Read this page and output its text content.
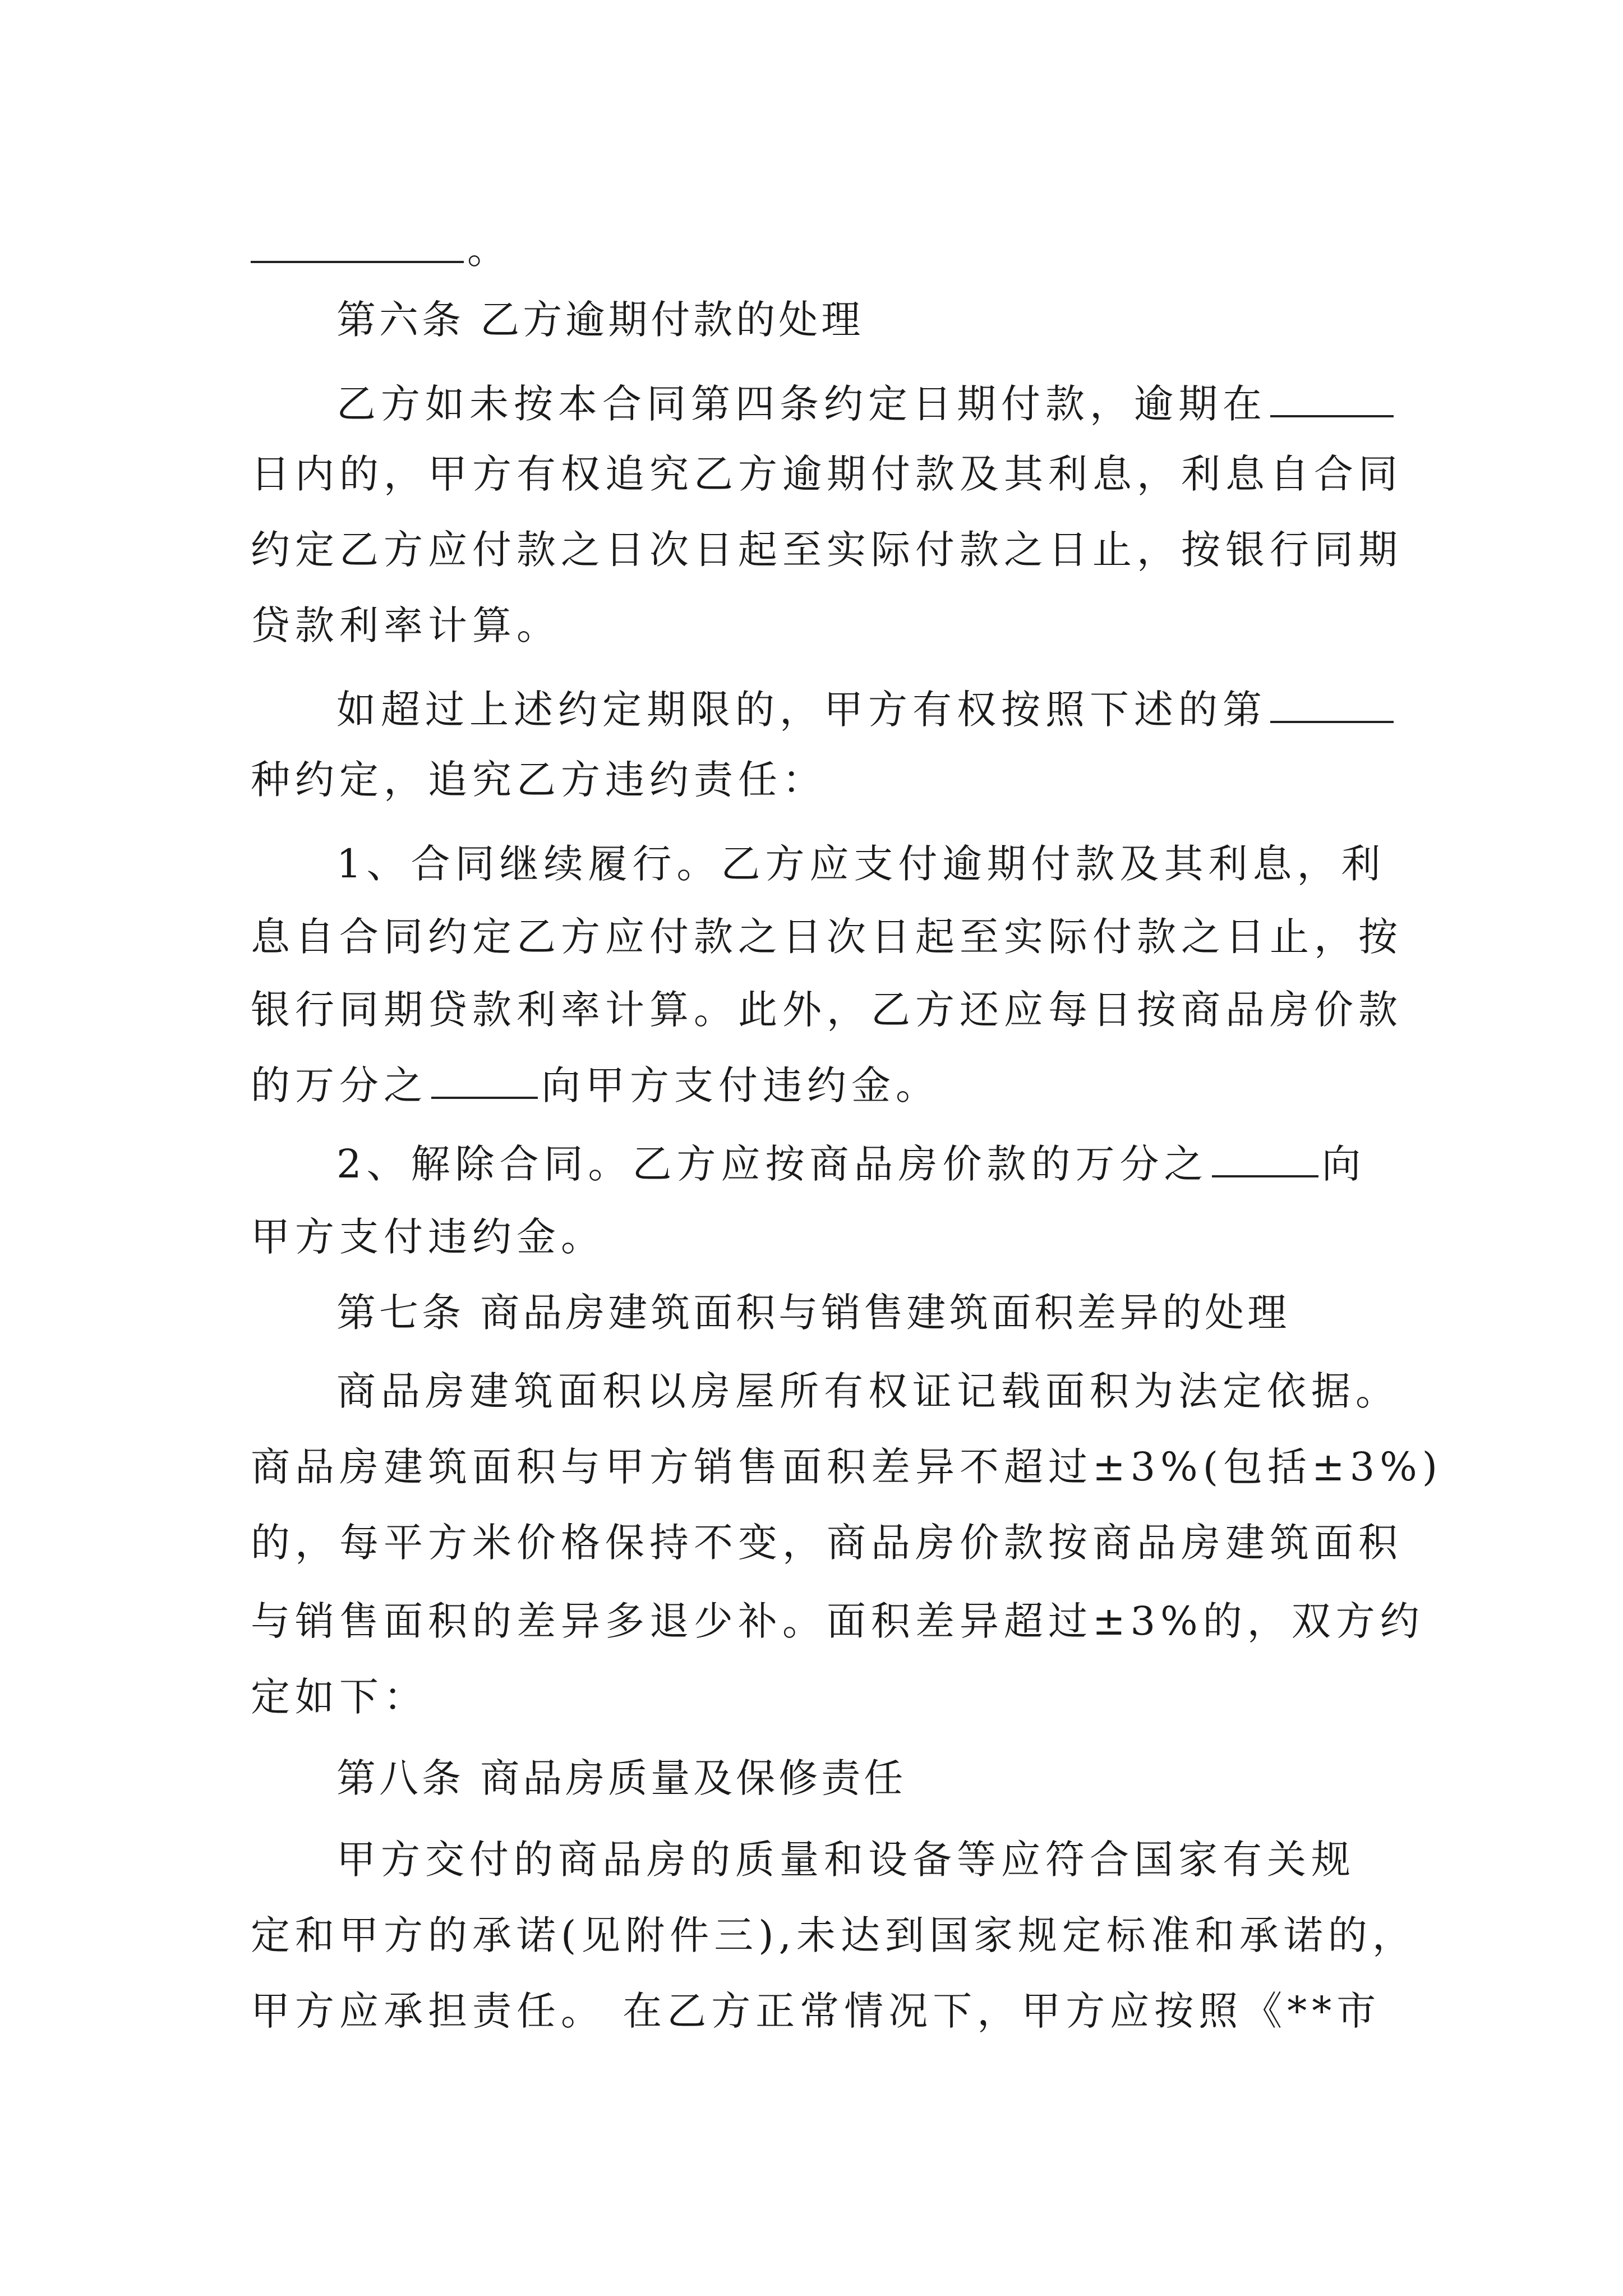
。
第六条 乙方逾期付款的处理
乙方如未按本合同第四条约定日期付款，逾期在
日内的，甲方有权追究乙方逾期付款及其利息，利息自合同
约定乙方应付款之日次日起至实际付款之日止，按银行同期
贷款利率计算。
如超过上述约定期限的，甲方有权按照下述的第
种约定，追究乙方违约责任：
1、合同继续履行。乙方应支付逾期付款及其利息，利
息自合同约定乙方应付款之日次日起至实际付款之日止，按
银行同期贷款利率计算。此外，乙方还应每日按商品房价款
的万分之	向甲方支付违约金。
2、解除合同。乙方应按商品房价款的万分之	向
甲方支付违约金。
第七条 商品房建筑面积与销售建筑面积差异的处理
商品房建筑面积以房屋所有权证记载面积为法定依据。
商品房建筑面积与甲方销售面积差异不超过±3%(包括±3%)
的，每平方米价格保持不变，商品房价款按商品房建筑面积
与销售面积的差异多退少补。面积差异超过±3%的，双方约
定如下：
第八条 商品房质量及保修责任
甲方交付的商品房的质量和设备等应符合国家有关规
定和甲方的承诺(见附件三),未达到国家规定标准和承诺的，
甲方应承担责任。 在乙方正常情况下，甲方应按照《**市
